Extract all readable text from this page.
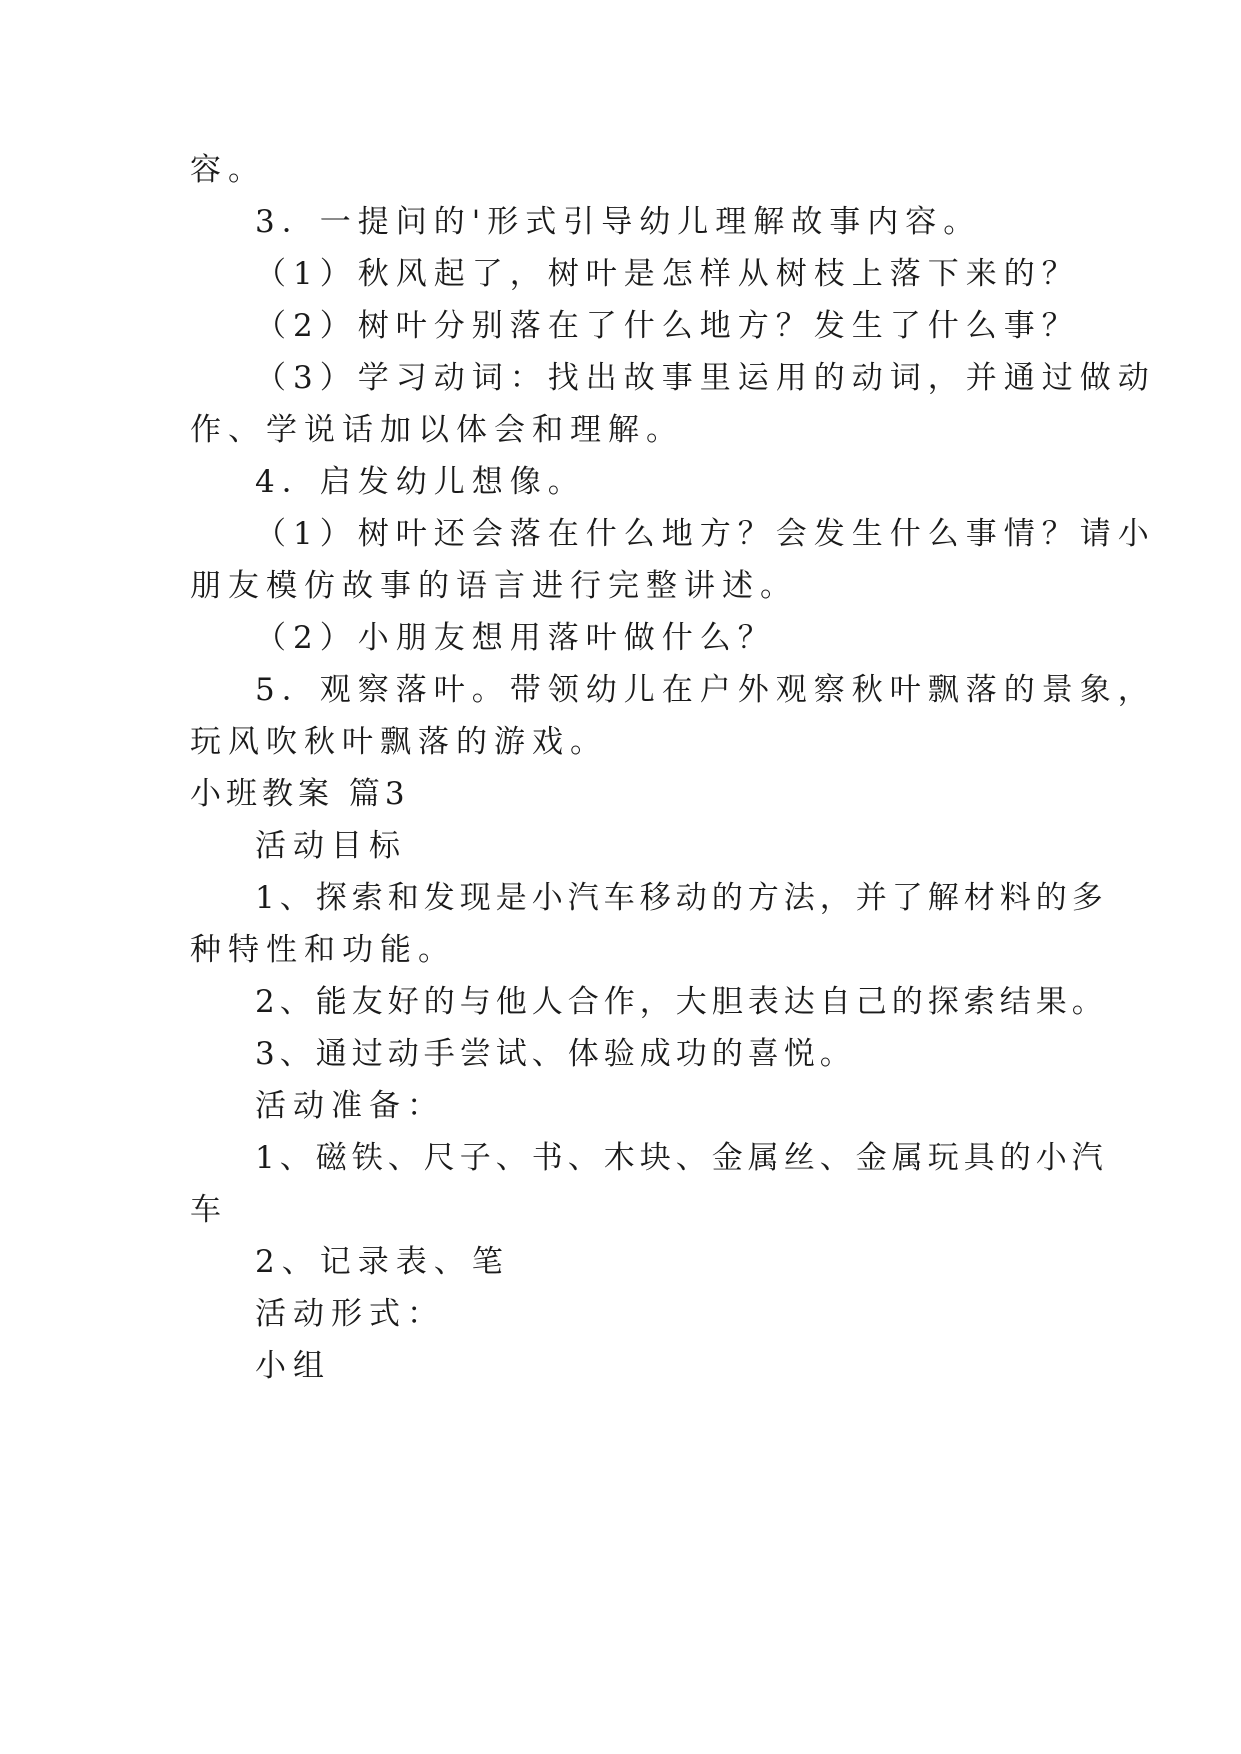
容。
3．一提问的'形式引导幼儿理解故事内容。
（1）秋风起了，树叶是怎样从树枝上落下来的？
（2）树叶分别落在了什么地方？发生了什么事？
（3）学习动词：找出故事里运用的动词，并通过做动
作、学说话加以体会和理解。
4．启发幼儿想像。
（1）树叶还会落在什么地方？会发生什么事情？请小
朋友模仿故事的语言进行完整讲述。
（2）小朋友想用落叶做什么？
5．观察落叶。带领幼儿在户外观察秋叶飘落的景象，
玩风吹秋叶飘落的游戏。
小班教案 篇3
活动目标
1、探索和发现是小汽车移动的方法，并了解材料的多
种特性和功能。
2、能友好的与他人合作，大胆表达自己的探索结果。
3、通过动手尝试、体验成功的喜悦。
活动准备：
1、磁铁、尺子、书、木块、金属丝、金属玩具的小汽
车
2、记录表、笔
活动形式：
小组
